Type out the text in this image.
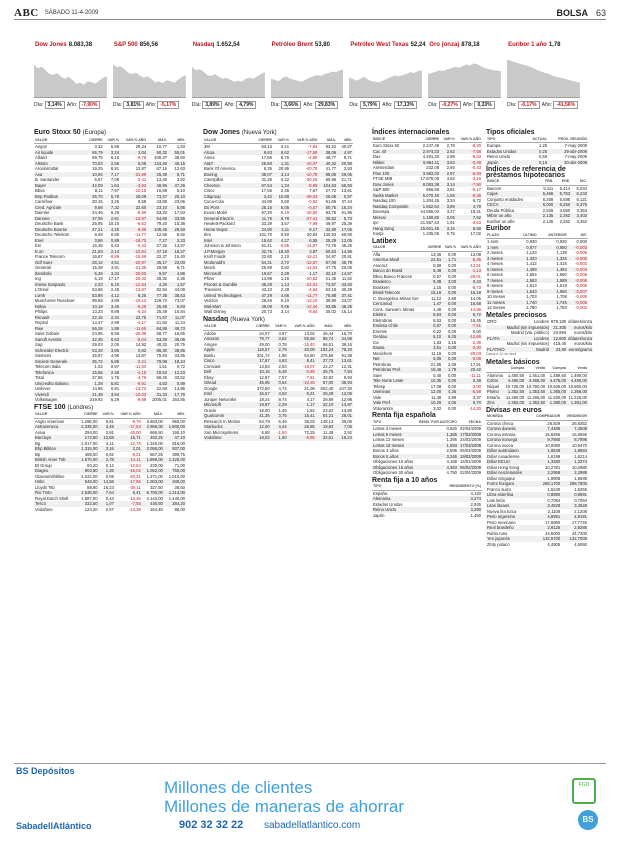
ABC SÁBADO 11-4-2009	BOLSA 63
Dow Jones 8.083,38
Día: 3,14% Año: -7,90%
S&P 500 856,56
Día: 3,81% Año: -5,17%
Nasdaq 1.652,54
Día: 3,89% Año: 4,79%
Petróleo Brent 53,80
Día: 3,66% Año: 29,83%
Petróleo West Texas 52,24
Día: 5,79% Año: 17,13%
Oro (onza) 878,18
Día: -0,27% Año: 0,33%
Euribor 1 año 1,78
Día: -0,17% Año: -41,56%
Euro Stoxx 50 (Europa)
VALOR	CIERRE	VAR.%	VAR.% AÑO	MÁX.	MÍN.
Aegon	3,32	5,66	29,34	10,77	1,83
Air liquide	66,79	3,24	2,04	90,32	55,01
Allianz	69,75	6,16	-9,76	109,37	39,60
Alstom	70,03	2,56	5,08	134,40	45,15
Arcelormittal	19,25	8,81	13,87	67,16	12,63
Axa	10,84	7,17	-31,99	25,39	5,71
B. Santander	6,57	7,08	-3,41	13,45	3,92
Bayer	42,09	1,64	-3,83	48,96	37,26
Bbva	8,11	7,97	-10,15	16,68	5,10
Bnp Paribas	35,70	5,78	18,09	73,47	20,10
Carrefour	30,15	3,25	9,58	43,85	23,06
Cred. Agricole	9,68	7,32	22,60	23,10	5,85
Daimler	24,46	6,29	-8,99	53,32	17,63
Danone	37,05	2,81	-13,97	54,66	33,66
Deutsche Bank	26,95	10,10	-6,53	79,20	15,38
Deutsche Boerse	47,21	4,25	-8,89	108,45	29,50
Deutsche Telekom	9,48	0,85	-11,77	12,55	8,92
Enel	3,86	0,89	-18,70	7,27	3,23
Eni	16,35	0,43	-0,43	27,26	13,87
E.on	21,93	2,14	-23,84	47,18	18,27
France Telecom	16,87	-0,59	-15,69	22,37	15,40
Gdf Suez	28,12	4,61	-20,97	45,17	22,00
Generali	15,38	3,91	-21,35	29,58	9,71
Iberdrola	5,26	3,34	-20,65	9,87	4,86
Ing	6,19	17,17	-20,32	26,32	2,36
Intesa Sanpaolo	2,23	6,19	-12,54	4,26	1,57
L'Oreal	53,66	2,45	-13,87	82,94	44,09
Lvmh	53,95	4,12	8,25	77,35	38,53
Munchener Rueckver	99,55	3,90	-10,12	129,72	73,07
Nokia	10,18	3,45	-6,26	25,48	6,83
Philips	13,23	9,89	-6,34	25,48	10,84
Renault	22,16	2,34	22,75	71,57	11,07
Repsol	14,47	2,99	-4,17	21,50	11,24
Rwe	56,28	1,89	-11,65	84,89	49,73
Saint Gobain	24,95	6,55	-25,89	58,77	16,65
Sanofi Aventis	42,35	0,63	-8,04	53,29	36,06
Sap	29,03	2,05	14,92	40,32	20,75
Schneider Electric	53,28	3,86	0,62	86,30	38,85
Siemens	45,97	4,96	13,87	79,83	33,85
Societe Generale	35,72	5,86	-2,21	79,99	18,24
Telecom Italia	1,02	0,97	-11,84	1,51	0,72
Telefonica	15,55	2,46	-4,15	19,53	12,23
Total	37,86	1,76	-4,76	58,25	33,52
Unicredito Italiano	1,28	5,81	-9,91	4,63	0,89
Unilever	14,95	0,81	-13,72	22,93	13,86
Vivendi	21,48	3,64	-10,03	31,34	17,76
Volkswagen	219,92	6,29	-9,89	1005,01	164,85
FTSE 100 (Londres)
VALOR	CIERRE	VAR.%	VAR.% AÑO	MÁX.	MÍN.
Anglo American	1.296,00	6,81	-9,70	3.683,00	950,00
Astrazeneca	2.335,00	3,49	-17,53	2.966,00	1.900,00
Aviva	294,00	2,91	-40,00	668,50	158,10
Barclays	172,50	12,68	15,71	492,25	47,10
Bg	1.017,00	2,11	-12,78	1.340,00	816,00
Bhp Billiton	1.315,00	3,16	2,01	2.056,00	937,00
Bp	488,00	0,62	-8,21	667,25	389,75
British Amer Tob	1.570,00	2,78	-12,11	1.899,00	1.425,00
Bt Group	83,20	0,12	-12,64	230,00	71,00
Diageo	803,50	1,26	-16,02	1.052,00	755,00
Glaxosmithkline	1.022,00	0,59	-20,31	1.271,00	1.010,00
Hsbc	548,00	14,56	-17,56	1.003,00	349,00
Lloyds Tsb	88,80	16,23	-30,11	327,50	38,50
Rio Tinto	2.538,00	7,64	5,41	6.700,00	1.213,00
Royal Dutch Shell	1.587,00	0,44	-13,46	2.143,00	1.440,00
Tesco	332,50	1,07	-7,55	440,50	284,20
Vodafone	124,20	0,57	-13,38	164,40	96,00
Dow Jones (Nueva York)
VALOR	CIERRE	VAR.%	VAR.% AÑO	MÁX.	MÍN.
3M	53,13	3,41	-7,84	83,22	40,87
Alcoa	8,83	8,62	-17,58	38,06	4,97
Amex	17,66	6,76	-4,80	48,77	9,71
At&T	25,60	1,31	-10,07	40,32	20,90
Bank Of America	8,35	20,95	-40,70	41,77	2,53
Boeing	38,07	3,14	-10,78	88,06	29,05
Caterpillar	31,26	6,22	-30,18	85,96	21,71
Chevron	67,54	1,34	-8,68	104,63	55,50
Cisco	17,55	2,45	7,67	27,72	13,61
Citigroup	3,42	10,68	-49,03	26,06	0,97
Coca-Cola	44,99	0,60	-0,62	61,66	37,44
Du Pont	25,15	5,05	-0,57	50,75	16,24
Exxon Mobil	67,20	-0,19	-15,82	93,76	61,86
General Electric	11,76	6,78	-27,41	38,52	5,73
Hewlett-Packard	33,39	3,57	-7,99	49,97	25,39
Home Depot	24,90	3,11	8,17	32,80	17,05
Ibm	101,70	0,50	20,84	130,93	69,50
Intel	15,62	4,27	6,55	25,29	12,05
Johnson & Johnson	51,41	-0,85	-14,07	72,76	46,25
J.P.Morgan	32,75	19,40	3,87	50,63	14,96
Kraft Foods	22,80	2,10	-15,21	34,97	20,81
Mcdonald's	54,31	2,72	-12,67	67,00	45,79
Merck	25,98	0,82	-14,54	47,75	20,05
Microsoft	19,67	2,29	1,17	32,10	14,87
Pfizer	13,98	1,16	-20,62	21,45	11,62
Procter & Gamble	48,29	1,13	-22,01	73,57	43,93
Travelers	43,10	2,28	-4,64	53,18	30,29
United Technologies	47,29	4,66	-11,77	75,88	37,41
Verizon	29,46	0,10	-13,10	39,80	23,07
Wal-Mart	49,09	0,65	-12,44	63,85	46,25
Walt Disney	20,73	3,14	-8,64	35,02	15,14
Nasdaq (Nueva York)
VALOR	CIERRE	VAR.%	VAR.% AÑO	MÁX.	MÍN.
Adobe	24,07	3,97	13,02	45,44	15,70
Amazon	79,77	3,62	55,56	96,74	34,68
Amgen	49,00	0,78	-15,40	66,51	39,16
Apple	119,57	2,79	40,09	192,24	78,20
Baidu	201,72	1,96	54,50	375,55	91,38
Cisco	17,67	4,63	8,41	27,72	13,61
Comcast	13,83	2,53	-18,07	22,27	12,31
Dell	10,15	5,49	-0,88	25,75	7,84
Ebay	12,87	7,57	-7,81	32,92	9,93
Gilead	45,95	0,54	-10,25	57,00	35,93
Google	372,50	4,74	21,08	602,45	247,30
Intel	15,57	4,63	6,21	25,29	12,05
Juniper Networks	18,24	8,74	4,17	29,89	12,98
Microsoft	19,67	2,29	1,17	32,10	14,87
Oracle	18,00	1,46	1,52	23,62	13,80
Qualcomm	41,35	3,76	15,41	54,31	28,01
Research In Motion	54,79	6,46	35,02	148,13	35,05
Starbucks	12,00	4,44	26,85	19,83	7,05
Sun Microsystems	6,58	-1,50	72,25	11,45	2,92
Vodafone	19,02	1,50	-6,95	32,61	15,24
Índices internacionales
ÍNDICE	CIERRE	VAR.%	VAR.% AÑO
Euro Stoxx 50	2.247,49	2,78	-8,20
Cac 40	2.974,33	2,52	-7,58
Dax	4.491,32	2,95	-6,63
Nikkei	8.964,11	3,63	-0,48
Amsterdam	232,08	2,65	-0,43
Ftse 100	3.983,00	2,97	-5,93
FTSE MIB	17.875,00	3,62	-3,16
Dow Jones	8.083,38	3,14	-7,90
S&P 500	856,56	3,81	-5,17
Swiss Market	5.070,40	1,55	-8,36
Nasdaq 100	1.304,45	3,34	6,72
Nasdaq Composite	1.652,54	3,89	4,79
Bovespa	44.565,02	3,27	18,41
Merval	1.160,80	0,05	7,52
Ipc	21.567,53	1,91	-3,63
Hang Seng	15.601,45	3,15	8,58
Kospi	1.336,06	0,75	17,02
Latibex
VALOR	CIERRE	VAR.%	VAR.% AÑO
Alfa	13,46	0,00	12,08
America Movil	22,61	1,71	-5,36
Aracruz	0,59	0,00	-12,51
Banco do Brasil	6,46	0,00	-1,13
Bbva Banco Frances	0,57	0,00	-29,01
Bradesco	9,38	3,00	0,43
Braskem	1,15	0,00	-8,73
Brasil Telecom	15,16	0,00	16,18
C. Energetica Minas Ger	11,12	2,66	14,05
Cencosud	1,47	0,00	15,58
Cons. Saneam. Minas	1,48	0,00	-14,86
Elektro	8,94	0,00	6,72
Eletrobras	8,53	0,00	16,45
Endesa Chile	0,87	0,00	-7,51
Enersis	0,22	0,00	0,00
Gerdau	5,10	6,25	-12,66
Ica	1,63	3,16	-2,39
Itausa	3,51	0,00	-3,30
Mexichem	11,16	0,00	-20,03
Net	6,05	0,00	-0,08
Petrobras	21,95	2,09	17,51
Petrobras Pref.	18,46	1,79	20,42
Sare	0,40	0,00	-11,11
Tele Norte Leste	10,35	0,00	0,48
Telesp	17,08	0,00	-3,00
Usiminas	12,00	4,35	-5,58
Vale	11,48	3,99	3,37
Vale Pref.	10,26	4,05	5,70
Votorantim	3,02	0,00	-14,20
Renta fija española
TIPO	REND. POR ANTICIPO	FECHA
Letras 3 meses	0,920	02/04/2009
Letras 6 meses	1,265	17/03/2009
Letras 12 meses	1,395	24/03/2009
Letras 18 meses	1,593	17/03/2009
Bonos 3 años	2,595	05/03/2009
Bonos 5 años	3,246	19/02/2009
Obligaciones 10 años	4,169	15/01/2009
Obligaciones 15 años	4,363	05/02/2009
Obligaciones 30 años	4,750	02/04/2009
Renta fija a 10 años
TIPO	RENDIMIENTO (%)
España	4,120
Alemania	3,274
Estados Unidos	2,925
Reino Unido	3,290
Japón	1,450
Tipos oficiales
TIPO	ACTUAL	PRÓX. REUNIÓN
Europa	1,25	7-may-2009
Estados Unidos	0,25	29-abr-2009
Reino Unido	0,50	7-may-2009
Japón	0,10	30-abr-2009
Índices de referencia de préstamos hipotecarios
ÍNDICE	FEB.	ENE.	DIC.
Bancos	5,111	5,414	6,034
Cajas	5,466	5,753	6,232
Conjunto entidades	5,308	5,595	6,121
CECA	6,000	6,250	6,375
Deuda Pública	2,826	3,050	3,353
Mibor un año	2,135	2,262	3,402
Euribor un año	2,135	2,262	3,452
Euribor
PLAZO	ÚLTIMO	ANTERIOR	DIF.
1 sem.	0,930	0,930	0,000
1 mes	0,977	0,980	-0,003
2 meses	1,133	1,138	-0,005
3 meses	1,320	1,325	-0,005
4 meses	1,412	1,415	-0,003
5 meses	1,489	1,493	-0,004
6 meses	1,554	1,560	-0,006
7 meses	1,583	1,589	-0,006
8 meses	1,613	1,618	-0,005
9 meses	1,643	1,650	-0,007
10 meses	1,703	1,708	-0,005
11 meses	1,740	1,745	-0,005
12 meses	1,780	1,783	-0,003
Metales preciosos
ORO	Londres	878,180	dólares/onza
	Madrid (sin impuestos)	21.305	euros/kilo
	Madrid (vta. público)	23.993	euros/kilo
PLATA	Londres	12,800	dólares/onza
	Madrid (sin impuestos)	418,45	euros/kilo
PLATINO	Madrid	33,90	euros/gramo
Datos a 10 de abril
Metales básicos
	Compra	Venta	Compra	Venta
Aluminio	1.450,50	1.451,00	1.489,50	1.490,00
Cobre	4.460,00	4.465,00	4.475,00	4.480,00
Níquel	10.725,00	10.750,00	10.925,00	10.950,00
Plomo	1.352,50	1.353,50	1.365,00	1.366,00
Estaño	11.260,00	11.265,00	11.200,00	11.225,00
Zinc	1.352,00	1.352,50	1.380,00	1.381,00
Divisas en euros
MONEDA	COMPRADOR	VENDEDOR
Corona checa	26,829	26,8352
Corona danesa	7,4486	7,4508
Corona estonia	15,6466	15,6566
Corona noruega	8,7880	8,7896
Corona sueca	10,9380	10,9470
Dólar australiano	1,8548	1,8584
Dólar canadiense	1,6198	1,6214
Dólar EEUU	1,3260	1,3274
Dólar Hong Kong	10,2781	10,2880
Dólar neozelandés	2,2958	2,2989
Dólar Singapur	1,9908	1,9938
Forint húngaro	288,1700	288,7800
Franco suizo	1,5240	1,5255
Libra esterlina	0,8980	0,8991
Lats letón	0,7084	0,7094
Litas lituano	3,4528	3,4528
Nueva lira turca	2,1108	2,1208
Peso argentino	4,8991	4,9181
Peso mexicano	17,6960	17,7740
Real brasileño	2,9126	2,9286
Rublo ruso	44,5000	44,7200
Yen japonés	132,5700	132,7000
Zloty polaco	4,4905	4,5060
BS Depósitos
Millones de clientes
Millones de maneras de ahorrar
SabadellAtlántico	902 32 32 22 sabadellatlantico.com
FGD
BS
